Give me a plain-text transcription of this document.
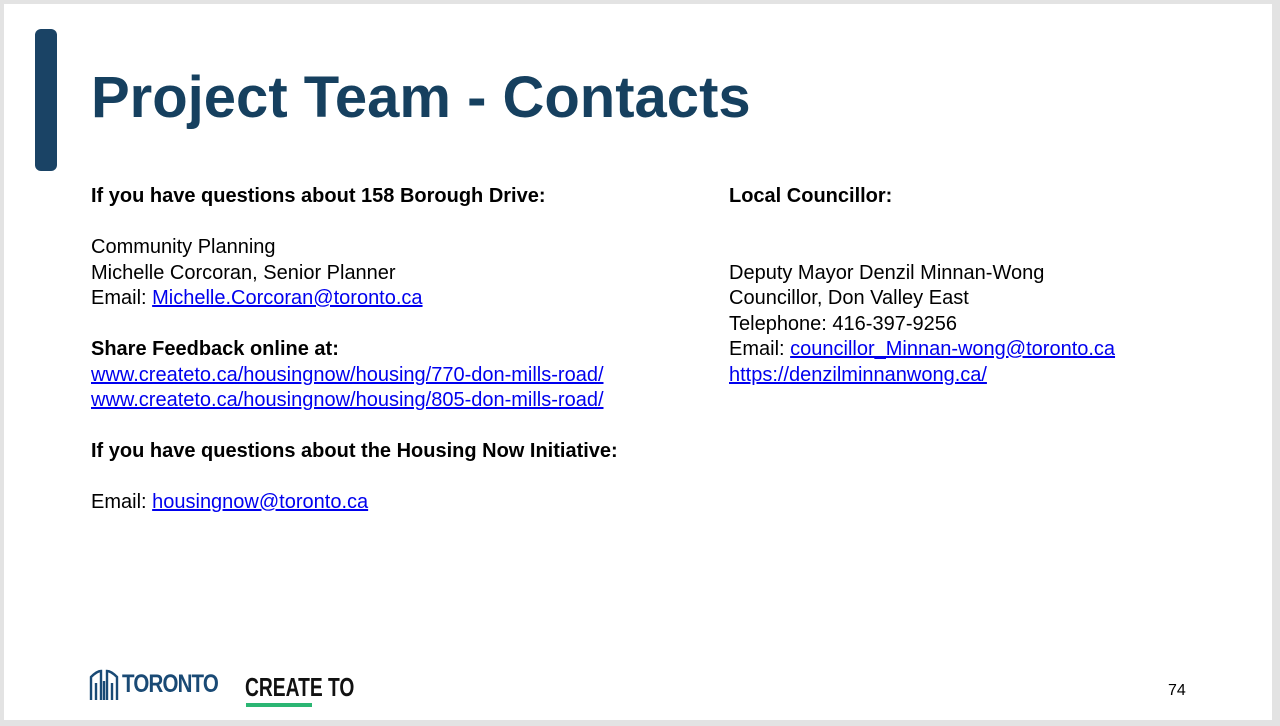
Project Team - Contacts
If you have questions about 158 Borough Drive:
Community Planning
Michelle Corcoran, Senior Planner
Email: Michelle.Corcoran@toronto.ca
Share Feedback online at:
www.createto.ca/housingnow/housing/770-don-mills-road/
www.createto.ca/housingnow/housing/805-don-mills-road/
If you have questions about the Housing Now Initiative:
Email: housingnow@toronto.ca
Local Councillor:
Deputy Mayor Denzil Minnan-Wong
Councillor, Don Valley East
Telephone: 416-397-9256
Email: councillor_Minnan-wong@toronto.ca
https://denzilminnanwong.ca/
TORONTO CREATE TO	74
